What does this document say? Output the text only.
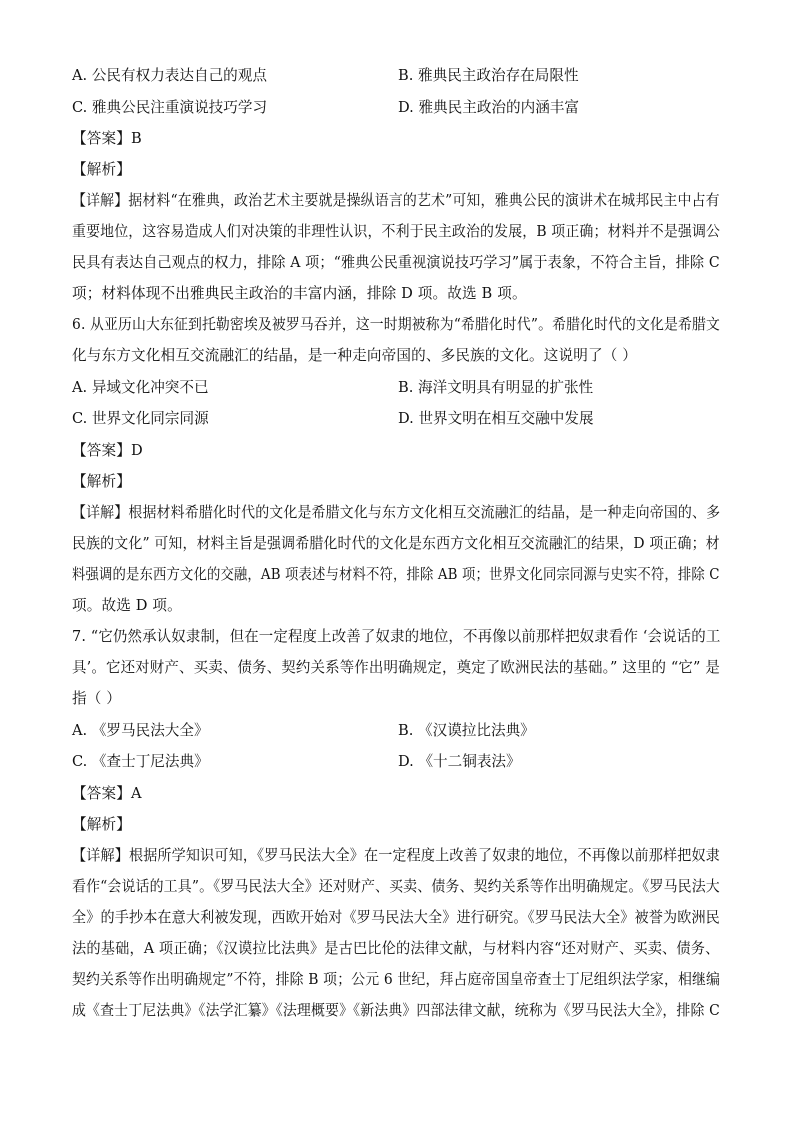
A. 公民有权力表达自己的观点	B. 雅典民主政治存在局限性
C. 雅典公民注重演说技巧学习	D. 雅典民主政治的内涵丰富
【答案】B
【解析】
【详解】据材料“在雅典，政治艺术主要就是操纵语言的艺术”可知，雅典公民的演讲术在城邦民主中占有
重要地位，这容易造成人们对决策的非理性认识，不利于民主政治的发展，B 项正确；材料并不是强调公
民具有表达自己观点的权力，排除 A 项；“雅典公民重视演说技巧学习”属于表象，不符合主旨，排除 C
项；材料体现不出雅典民主政治的丰富内涵，排除 D 项。故选 B 项。
6. 从亚历山大东征到托勒密埃及被罗马吞并，这一时期被称为“希腊化时代”。希腊化时代的文化是希腊文
化与东方文化相互交流融汇的结晶，是一种走向帝国的、多民族的文化。这说明了（ ）
A. 异域文化冲突不已	B. 海洋文明具有明显的扩张性
C. 世界文化同宗同源	D. 世界文明在相互交融中发展
【答案】D
【解析】
【详解】根据材料希腊化时代的文化是希腊文化与东方文化相互交流融汇的结晶，是一种走向帝国的、多
民族的文化” 可知，材料主旨是强调希腊化时代的文化是东西方文化相互交流融汇的结果，D 项正确；材
料强调的是东西方文化的交融，AB 项表述与材料不符，排除 AB 项；世界文化同宗同源与史实不符，排除 C
项。故选 D 项。
7. “它仍然承认奴隶制，但在一定程度上改善了奴隶的地位，不再像以前那样把奴隶看作 ‘会说话的工
具’。它还对财产、买卖、债务、契约关系等作出明确规定，奠定了欧洲民法的基础。” 这里的 “它” 是
指（ ）
A. 《罗马民法大全》	B. 《汉谟拉比法典》
C. 《查士丁尼法典》	D. 《十二铜表法》
【答案】A
【解析】
【详解】根据所学知识可知，《罗马民法大全》在一定程度上改善了奴隶的地位，不再像以前那样把奴隶
看作“会说话的工具”。《罗马民法大全》还对财产、买卖、债务、契约关系等作出明确规定。《罗马民法大
全》的手抄本在意大利被发现，西欧开始对《罗马民法大全》进行研究。《罗马民法大全》被誉为欧洲民
法的基础，A 项正确；《汉谟拉比法典》是古巴比伦的法律文献，与材料内容“还对财产、买卖、债务、
契约关系等作出明确规定”不符，排除 B 项；公元 6 世纪，拜占庭帝国皇帝查士丁尼组织法学家，相继编
成《查士丁尼法典》《法学汇纂》《法理概要》《新法典》四部法律文献，统称为《罗马民法大全》，排除 C
